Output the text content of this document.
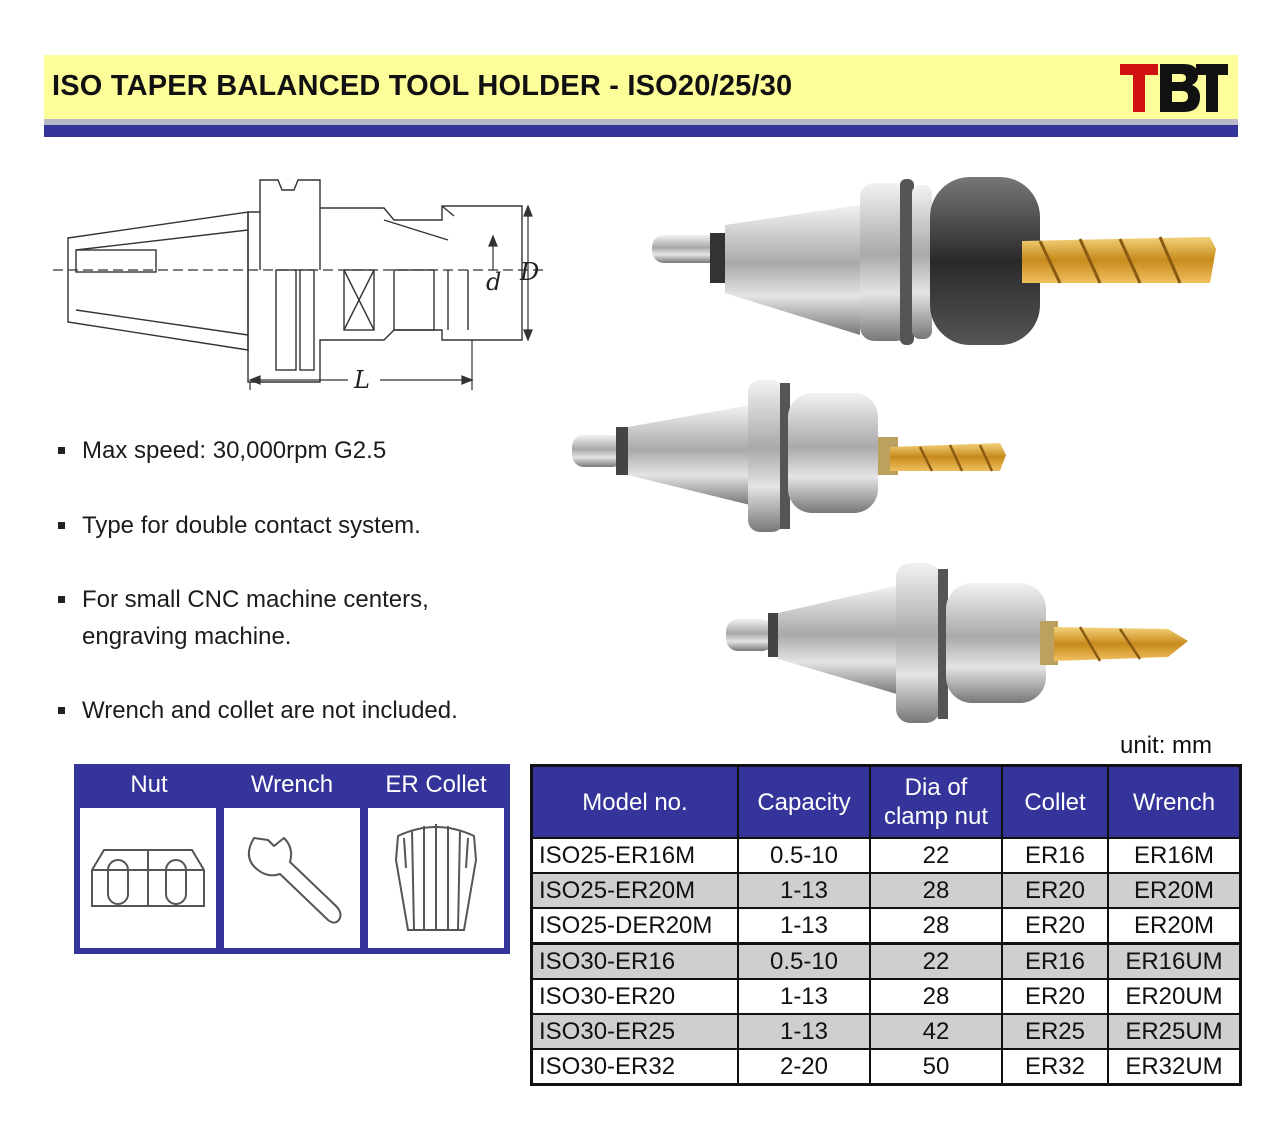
ISO TAPER BALANCED TOOL HOLDER - ISO20/25/30
d D
L
Max speed: 30,000rpm G2.5
Type for double contact system.
For small CNC machine centers,
engraving machine.
Wrench and collet are not included.
unit: mm
Nut	Wrench	ER Collet
Model no.	Capacity	Dia of
clamp nut	Collet	Wrench
ISO25-ER16M	0.5-10	22	ER16	ER16M
ISO25-ER20M	1-13	28	ER20	ER20M
ISO25-DER20M	1-13	28	ER20	ER20M
ISO30-ER16	0.5-10	22	ER16	ER16UM
ISO30-ER20	1-13	28	ER20	ER20UM
ISO30-ER25	1-13	42	ER25	ER25UM
ISO30-ER32	2-20	50	ER32	ER32UM
